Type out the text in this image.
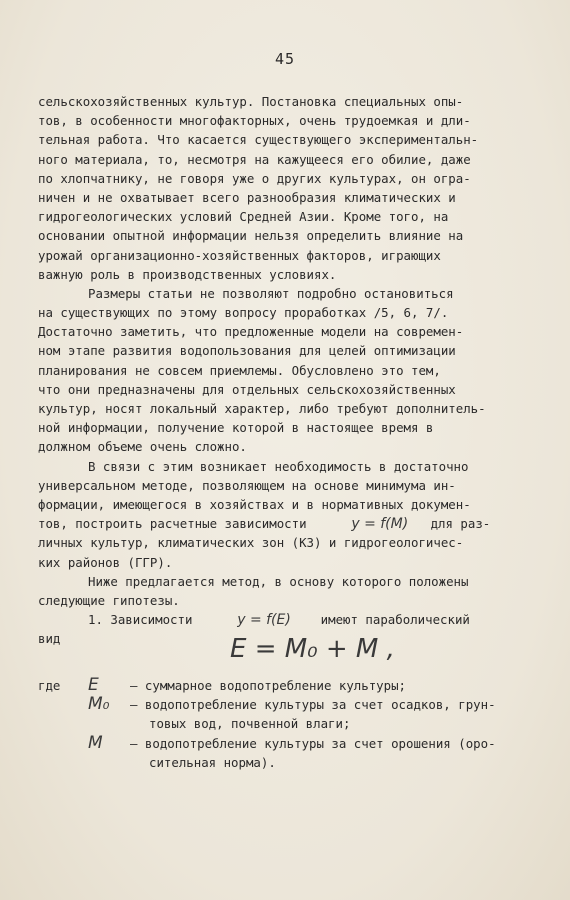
45
сельскохозяйственных культур. Постановка специальных опы-
тов, в особенности многофакторных, очень трудоемкая и дли-
тельная работа. Что касается существующего экспериментальн-
ного материала, то, несмотря на кажущееся его обилие, даже
по хлопчатнику, не говоря уже о других культурах, он огра-
ничен и не охватывает всего разнообразия климатических и
гидрогеологических условий Средней Азии. Кроме того, на
основании опытной информации нельзя определить влияние на
урожай организационно-хозяйственных факторов, играющих
важную роль в производственных условиях.
Размеры статьи не позволяют подробно остановиться
на существующих по этому вопросу проработках /5, 6, 7/.
Достаточно заметить, что предложенные модели на современ-
ном этапе развития водопользования для целей оптимизации
планирования не совсем приемлемы. Обусловлено это тем,
что они предназначены для отдельных сельскохозяйственных
культур, носят локальный характер, либо требуют дополнитель-
ной информации, получение которой в настоящее время в
должном объеме очень сложно.
В связи с этим возникает необходимость в достаточно
универсальном методе, позволяющем на основе минимума ин-
формации, имеющегося в хозяйствах и в нормативных докумен-
тов, построить расчетные зависимости	y = f(M) для раз-
личных культур, климатических зон (КЗ) и гидрогеологичес-
ких районов (ГГР).
Ниже предлагается метод, в основу которого положены
следующие гипотезы.
1. Зависимости	y = f(E) имеют параболический
вид	E = M₀ + M ,
где	E	– суммарное водопотребление культуры;
M₀	– водопотребление культуры за счет осадков, грун-
товых вод, почвенной влаги;
M	– водопотребление культуры за счет орошения (оро-
сительная норма).
